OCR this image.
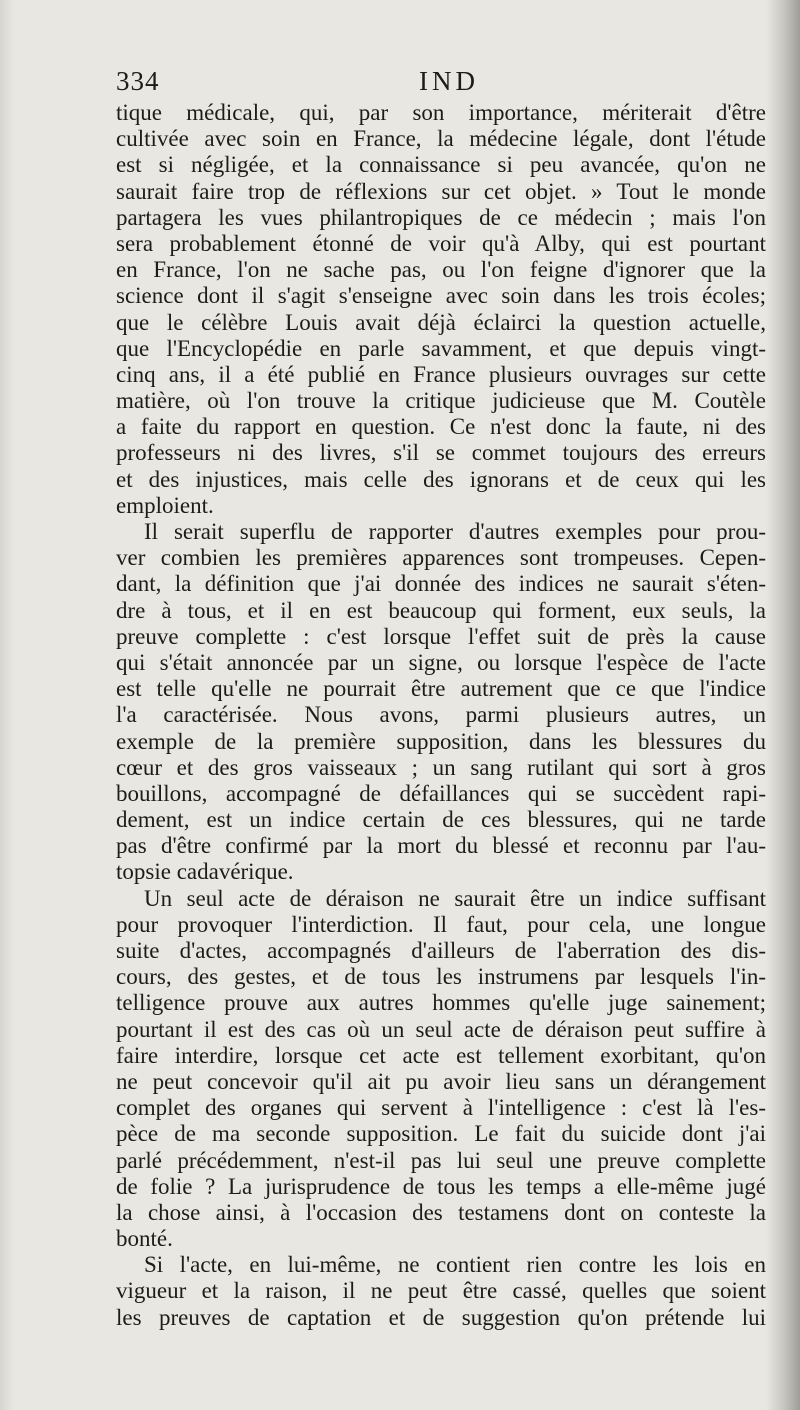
334	IND
tique médicale, qui, par son importance, mériterait d'être
cultivée avec soin en France, la médecine légale, dont l'étude
est si négligée, et la connaissance si peu avancée, qu'on ne
saurait faire trop de réflexions sur cet objet. » Tout le monde
partagera les vues philantropiques de ce médecin ; mais l'on
sera probablement étonné de voir qu'à Alby, qui est pourtant
en France, l'on ne sache pas, ou l'on feigne d'ignorer que la
science dont il s'agit s'enseigne avec soin dans les trois écoles;
que le célèbre Louis avait déjà éclairci la question actuelle,
que l'Encyclopédie en parle savamment, et que depuis vingt-
cinq ans, il a été publié en France plusieurs ouvrages sur cette
matière, où l'on trouve la critique judicieuse que M. Coutèle
a faite du rapport en question. Ce n'est donc la faute, ni des
professeurs ni des livres, s'il se commet toujours des erreurs
et des injustices, mais celle des ignorans et de ceux qui les
emploient.
Il serait superflu de rapporter d'autres exemples pour prou-
ver combien les premières apparences sont trompeuses. Cepen-
dant, la définition que j'ai donnée des indices ne saurait s'éten-
dre à tous, et il en est beaucoup qui forment, eux seuls, la
preuve complette : c'est lorsque l'effet suit de près la cause
qui s'était annoncée par un signe, ou lorsque l'espèce de l'acte
est telle qu'elle ne pourrait être autrement que ce que l'indice
l'a caractérisée. Nous avons, parmi plusieurs autres, un
exemple de la première supposition, dans les blessures du
cœur et des gros vaisseaux ; un sang rutilant qui sort à gros
bouillons, accompagné de défaillances qui se succèdent rapi-
dement, est un indice certain de ces blessures, qui ne tarde
pas d'être confirmé par la mort du blessé et reconnu par l'au-
topsie cadavérique.
Un seul acte de déraison ne saurait être un indice suffisant
pour provoquer l'interdiction. Il faut, pour cela, une longue
suite d'actes, accompagnés d'ailleurs de l'aberration des dis-
cours, des gestes, et de tous les instrumens par lesquels l'in-
telligence prouve aux autres hommes qu'elle juge sainement;
pourtant il est des cas où un seul acte de déraison peut suffire à
faire interdire, lorsque cet acte est tellement exorbitant, qu'on
ne peut concevoir qu'il ait pu avoir lieu sans un dérangement
complet des organes qui servent à l'intelligence : c'est là l'es-
pèce de ma seconde supposition. Le fait du suicide dont j'ai
parlé précédemment, n'est-il pas lui seul une preuve complette
de folie ? La jurisprudence de tous les temps a elle-même jugé
la chose ainsi, à l'occasion des testamens dont on conteste la
bonté.
Si l'acte, en lui-même, ne contient rien contre les lois en
vigueur et la raison, il ne peut être cassé, quelles que soient
les preuves de captation et de suggestion qu'on prétende lui
